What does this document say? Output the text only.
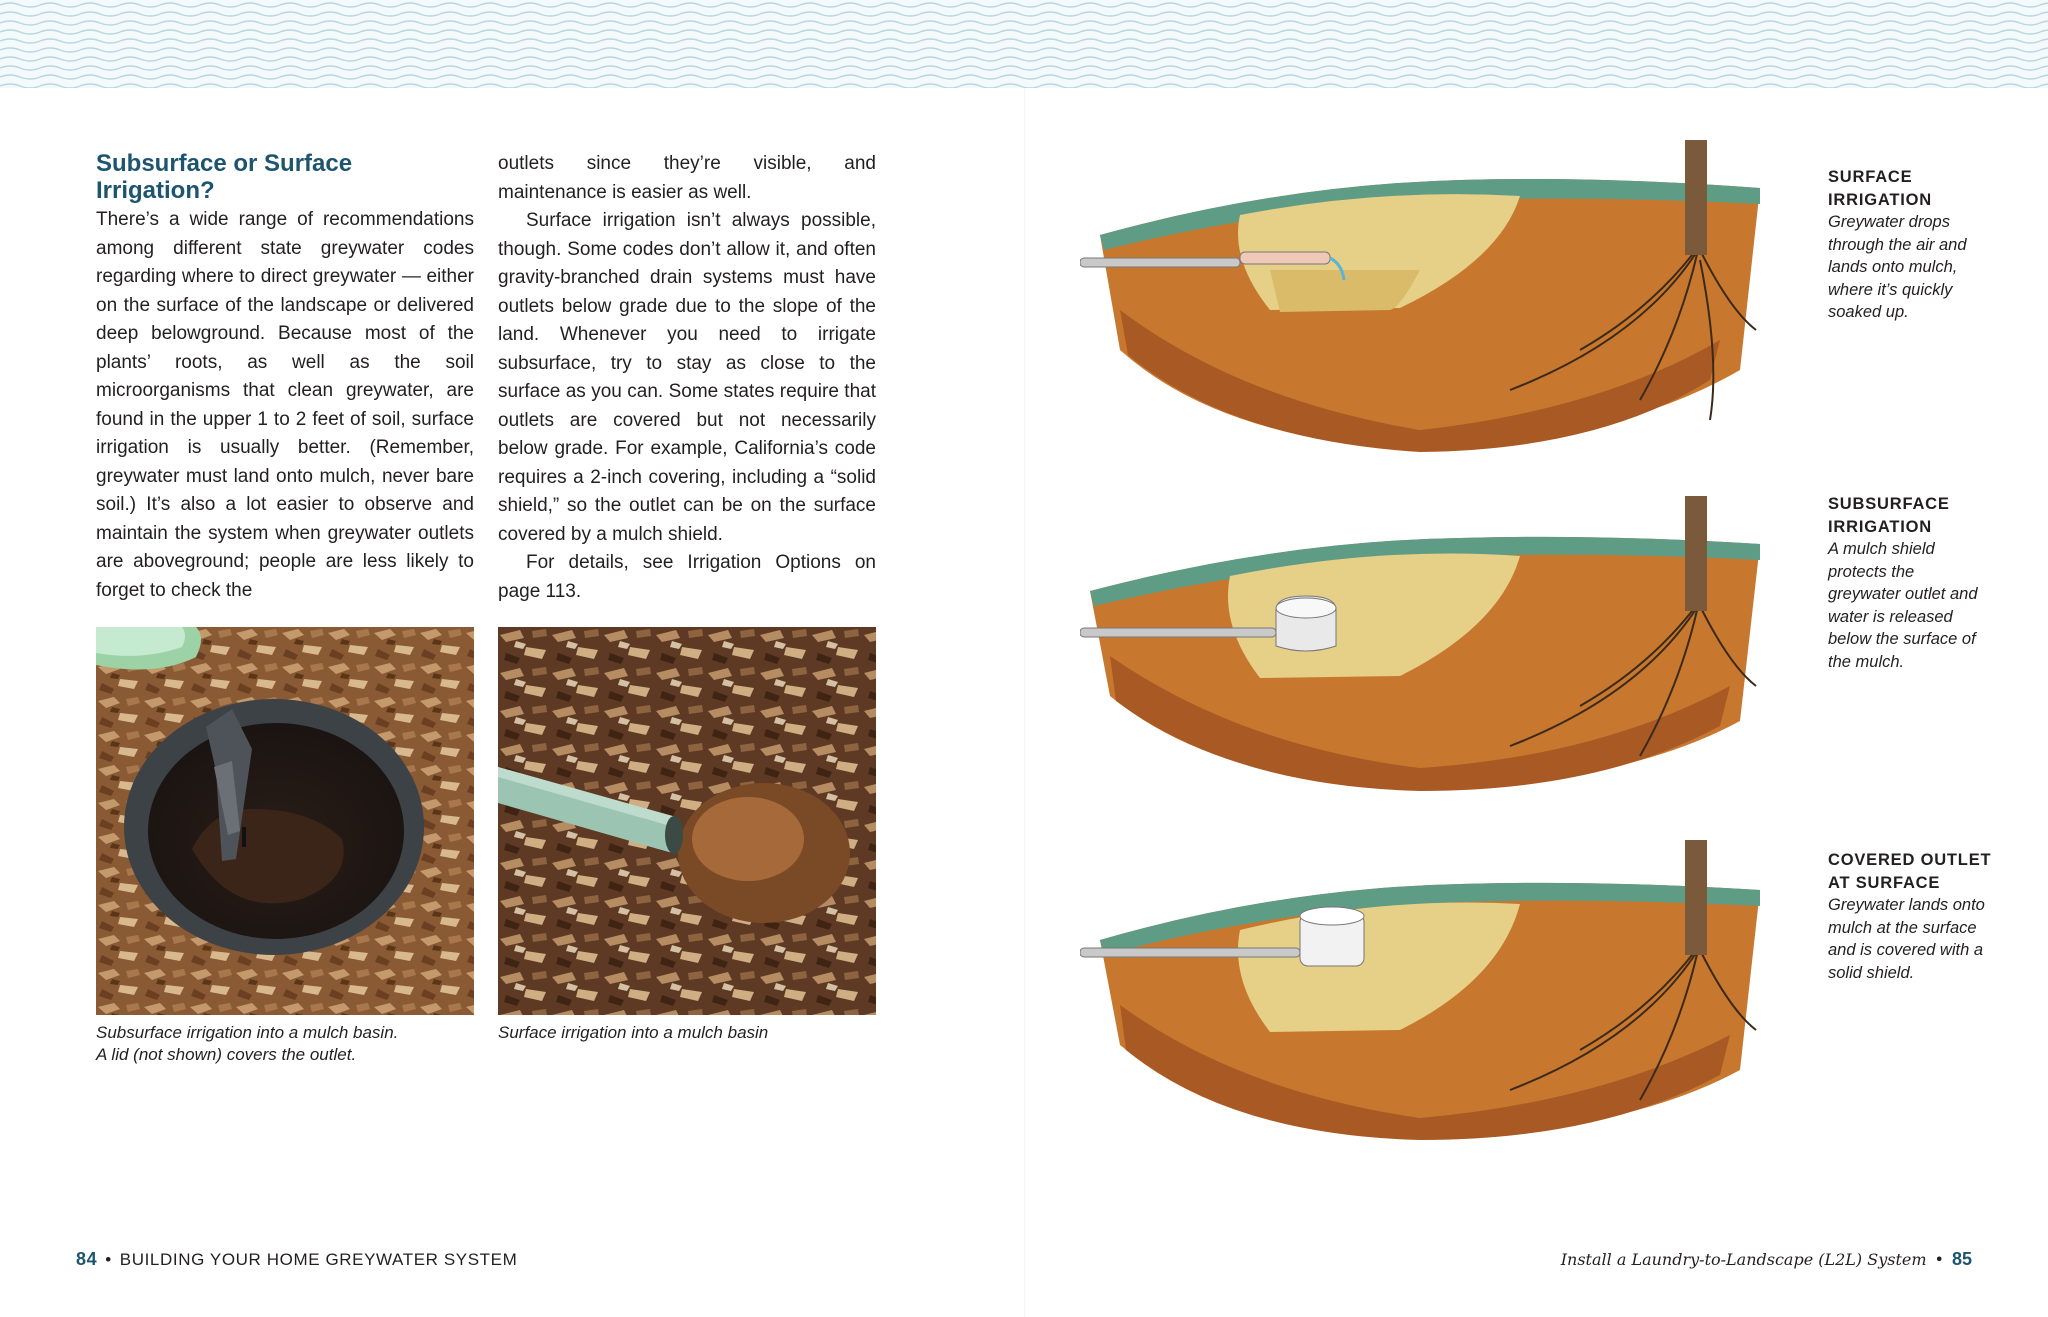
Subsurface or Surface Irrigation?

There’s a wide range of recommendations among different state greywater codes regarding where to direct greywater — either on the surface of the landscape or delivered deep belowground. Because most of the plants’ roots, as well as the soil microorganisms that clean greywater, are found in the upper 1 to 2 feet of soil, surface irrigation is usually better. (Remember, greywater must land onto mulch, never bare soil.) It’s also a lot easier to observe and maintain the system when greywater outlets are aboveground; people are less likely to forget to check the

outlets since they’re visible, and maintenance is easier as well.

Surface irrigation isn’t always possible, though. Some codes don’t allow it, and often gravity-branched drain systems must have outlets below grade due to the slope of the land. Whenever you need to irrigate subsurface, try to stay as close to the surface as you can. Some states require that outlets are covered but not necessarily below grade. For example, California’s code requires a 2-inch covering, including a “solid shield,” so the outlet can be on the surface covered by a mulch shield.

For details, see Irrigation Options on page 113.

Subsurface irrigation into a mulch basin.
A lid (not shown) covers the outlet.
Surface irrigation into a mulch basin
84 • BUILDING YOUR HOME GREYWATER SYSTEM
SURFACE
IRRIGATION
Greywater drops
through the air and
lands onto mulch,
where it’s quickly
soaked up.
SUBSURFACE
IRRIGATION
A mulch shield
protects the
greywater outlet and
water is released
below the surface of
the mulch.
COVERED OUTLET
AT SURFACE
Greywater lands onto
mulch at the surface
and is covered with a
solid shield.
Install a Laundry-to-Landscape (L2L) System • 85
